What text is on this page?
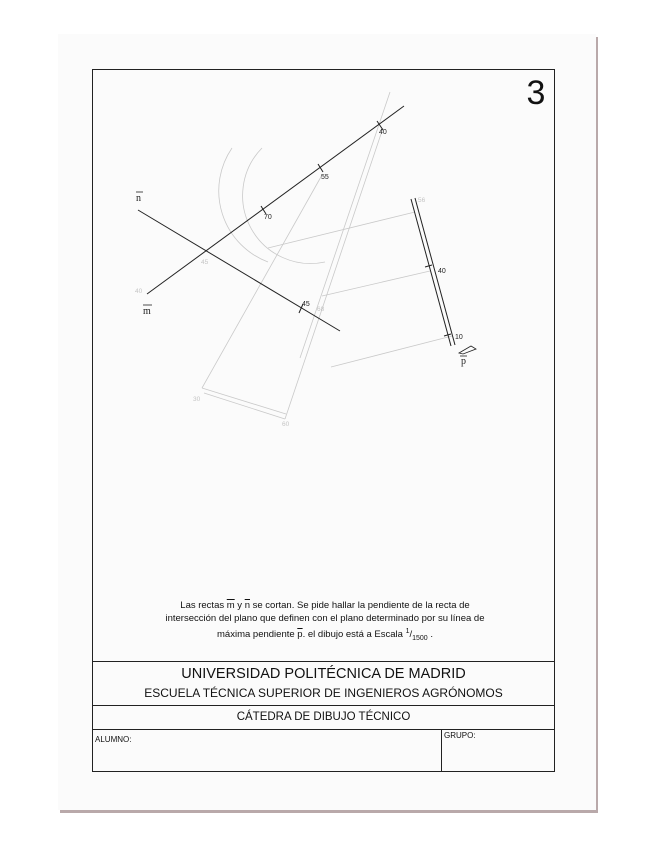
3
n
m
p
40
55
70
45
40
10
56
45
68
30
60
40
Las rectas $\overline{m}$ y $\overline{n}$ se cortan. Se pide hallar la pendiente de la recta de
intersección del plano que definen con el plano determinado por su línea de
máxima pendiente $\overline{p}$. el dibujo está a Escala $^1/_{1500}$ .
UNIVERSIDAD POLITÉCNICA DE MADRID
ESCUELA TÉCNICA SUPERIOR DE INGENIEROS AGRÓNOMOS
CÁTEDRA DE DIBUJO TÉCNICO
ALUMNO:	GRUPO:
